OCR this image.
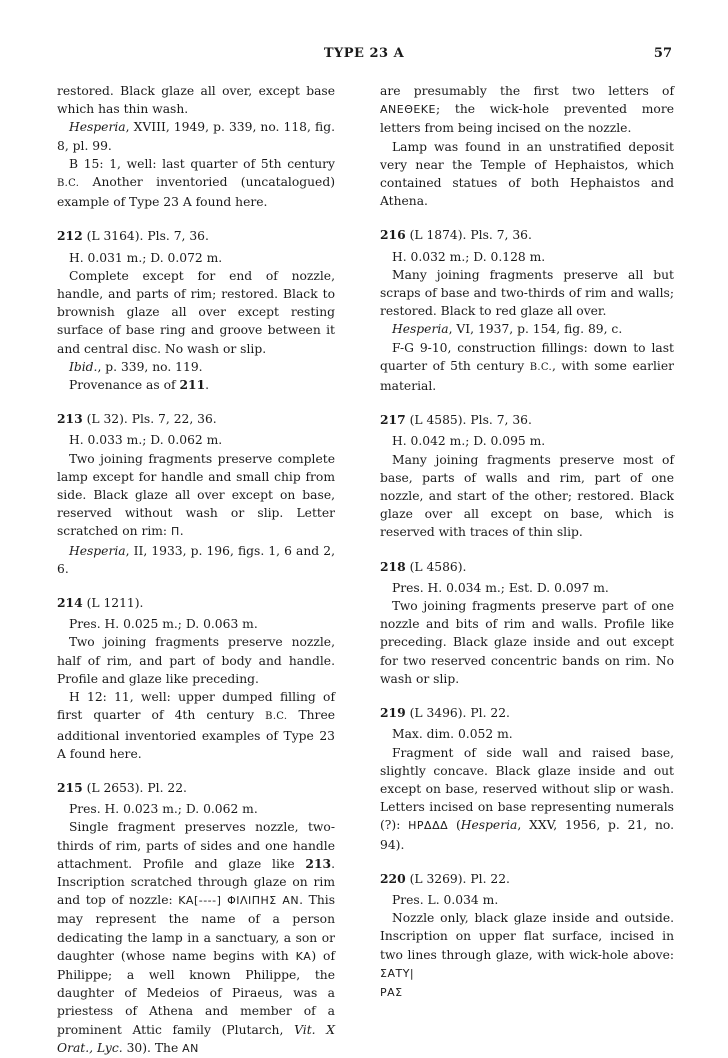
TYPE 23 A	57

restored. Black glaze all over, except base which has thin wash.

Hesperia, XVIII, 1949, p. 339, no. 118, fig. 8, pl. 99.

B 15: 1, well: last quarter of 5th century B.C. Another inventoried (uncatalogued) example of Type 23 A found here.

212 (L 3164). Pls. 7, 36.

H. 0.031 m.; D. 0.072 m.

Complete except for end of nozzle, handle, and parts of rim; restored. Black to brownish glaze all over except resting surface of base ring and groove between it and central disc. No wash or slip.

Ibid., p. 339, no. 119.

Provenance as of 211.

213 (L 32). Pls. 7, 22, 36.

H. 0.033 m.; D. 0.062 m.

Two joining fragments preserve complete lamp except for handle and small chip from side. Black glaze all over except on base, reserved without wash or slip. Letter scratched on rim: Π.

Hesperia, II, 1933, p. 196, figs. 1, 6 and 2, 6.

214 (L 1211).

Pres. H. 0.025 m.; D. 0.063 m.

Two joining fragments preserve nozzle, half of rim, and part of body and handle. Profile and glaze like preceding.

H 12: 11, well: upper dumped filling of first quarter of 4th century B.C. Three additional inventoried examples of Type 23 A found here.

215 (L 2653). Pl. 22.

Pres. H. 0.023 m.; D. 0.062 m.

Single fragment preserves nozzle, two-thirds of rim, parts of sides and one handle attachment. Profile and glaze like 213. Inscription scratched through glaze on rim and top of nozzle: ΚΑ[----] ΦΙΛΙΠΗΣ ΑΝ. This may represent the name of a person dedicating the lamp in a sanctuary, a son or daughter (whose name begins with ΚΑ) of Philippe; a well known Philippe, the daughter of Medeios of Piraeus, was a priestess of Athena and member of a prominent Attic family (Plutarch, Vit. X Orat., Lyc. 30). The ΑΝ

are presumably the first two letters of ΑΝΕΘΕΚΕ; the wick-hole prevented more letters from being incised on the nozzle.

Lamp was found in an unstratified deposit very near the Temple of Hephaistos, which contained statues of both Hephaistos and Athena.

216 (L 1874). Pls. 7, 36.

H. 0.032 m.; D. 0.128 m.

Many joining fragments preserve all but scraps of base and two-thirds of rim and walls; restored. Black to red glaze all over.

Hesperia, VI, 1937, p. 154, fig. 89, c.

F-G 9-10, construction fillings: down to last quarter of 5th century B.C., with some earlier material.

217 (L 4585). Pls. 7, 36.

H. 0.042 m.; D. 0.095 m.

Many joining fragments preserve most of base, parts of walls and rim, part of one nozzle, and start of the other; restored. Black glaze over all except on base, which is reserved with traces of thin slip.

218 (L 4586).

Pres. H. 0.034 m.; Est. D. 0.097 m.

Two joining fragments preserve part of one nozzle and bits of rim and walls. Profile like preceding. Black glaze inside and out except for two reserved concentric bands on rim. No wash or slip.

219 (L 3496). Pl. 22.

Max. dim. 0.052 m.

Fragment of side wall and raised base, slightly concave. Black glaze inside and out except on base, reserved without slip or wash. Letters incised on base representing numerals (?): ΗΡΔΔΔ (Hesperia, XXV, 1956, p. 21, no. 94).

220 (L 3269). Pl. 22.

Pres. L. 0.034 m.

Nozzle only, black glaze inside and outside. Inscription on upper flat surface, incised in two lines through glaze, with wick-hole above: ΣΑΤΥ|
ΡΑΣ
